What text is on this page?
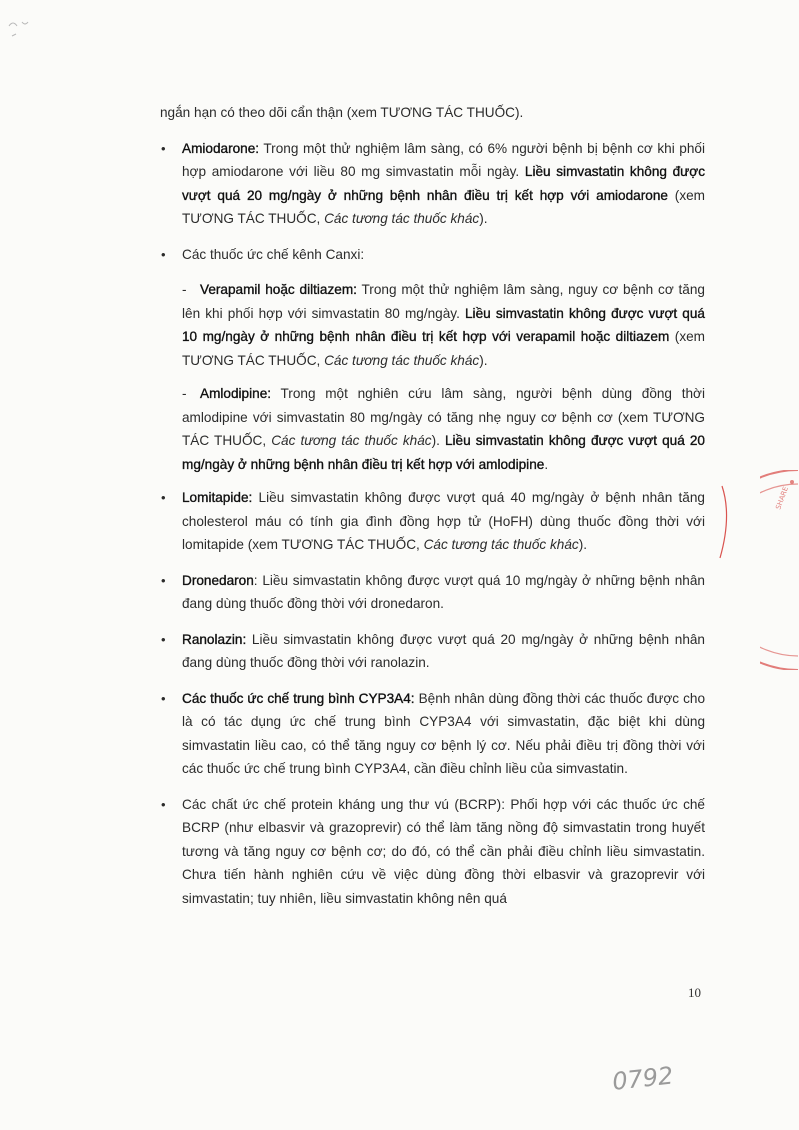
ngắn hạn có theo dõi cẩn thận (xem TƯƠNG TÁC THUỐC).

• Amiodarone: Trong một thử nghiệm lâm sàng, có 6% người bệnh bị bệnh cơ khi phối hợp amiodarone với liều 80 mg simvastatin mỗi ngày. Liều simvastatin không được vượt quá 20 mg/ngày ở những bệnh nhân điều trị kết hợp với amiodarone (xem TƯƠNG TÁC THUỐC, Các tương tác thuốc khác).
• Các thuốc ức chế kênh Canxi:
- Verapamil hoặc diltiazem: Trong một thử nghiệm lâm sàng, nguy cơ bệnh cơ tăng lên khi phối hợp với simvastatin 80 mg/ngày. Liều simvastatin không được vượt quá 10 mg/ngày ở những bệnh nhân điều trị kết hợp với verapamil hoặc diltiazem (xem TƯƠNG TÁC THUỐC, Các tương tác thuốc khác).
- Amlodipine: Trong một nghiên cứu lâm sàng, người bệnh dùng đồng thời amlodipine với simvastatin 80 mg/ngày có tăng nhẹ nguy cơ bệnh cơ (xem TƯƠNG TÁC THUỐC, Các tương tác thuốc khác). Liều simvastatin không được vượt quá 20 mg/ngày ở những bệnh nhân điều trị kết hợp với amlodipine.
• Lomitapide: Liều simvastatin không được vượt quá 40 mg/ngày ở bệnh nhân tăng cholesterol máu có tính gia đình đồng hợp tử (HoFH) dùng thuốc đồng thời với lomitapide (xem TƯƠNG TÁC THUỐC, Các tương tác thuốc khác).
• Dronedaron: Liều simvastatin không được vượt quá 10 mg/ngày ở những bệnh nhân đang dùng thuốc đồng thời với dronedaron.
• Ranolazin: Liều simvastatin không được vượt quá 20 mg/ngày ở những bệnh nhân đang dùng thuốc đồng thời với ranolazin.
• Các thuốc ức chế trung bình CYP3A4: Bệnh nhân dùng đồng thời các thuốc được cho là có tác dụng ức chế trung bình CYP3A4 với simvastatin, đặc biệt khi dùng simvastatin liều cao, có thể tăng nguy cơ bệnh lý cơ. Nếu phải điều trị đồng thời với các thuốc ức chế trung bình CYP3A4, cần điều chỉnh liều của simvastatin.
• Các chất ức chế protein kháng ung thư vú (BCRP): Phối hợp với các thuốc ức chế BCRP (như elbasvir và grazoprevir) có thể làm tăng nồng độ simvastatin trong huyết tương và tăng nguy cơ bệnh cơ; do đó, có thể cần phải điều chỉnh liều simvastatin. Chưa tiến hành nghiên cứu về việc dùng đồng thời elbasvir và grazoprevir với simvastatin; tuy nhiên, liều simvastatin không nên quá
10
SHARE
0792
